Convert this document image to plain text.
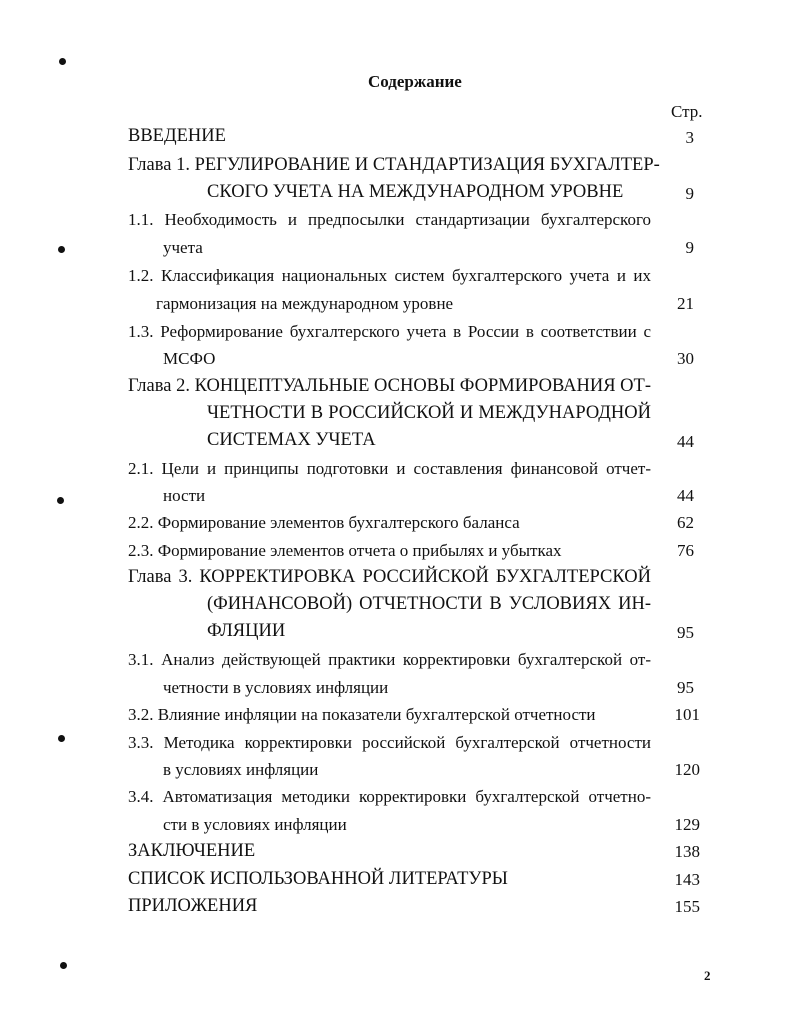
Содержание
Стр.
ВВЕДЕНИЕ	3
Глава 1. РЕГУЛИРОВАНИЕ И СТАНДАРТИЗАЦИЯ БУХГАЛТЕР-
СКОГО УЧЕТА НА МЕЖДУНАРОДНОМ УРОВНЕ	9
1.1. Необходимость и предпосылки стандартизации бухгалтерского
учета	9
1.2. Классификация национальных систем бухгалтерского учета и их
гармонизация на международном уровне	21
1.3. Реформирование бухгалтерского учета в России в соответствии с
МСФО	30
Глава 2. КОНЦЕПТУАЛЬНЫЕ ОСНОВЫ ФОРМИРОВАНИЯ ОТ-
ЧЕТНОСТИ В РОССИЙСКОЙ И МЕЖДУНАРОДНОЙ
СИСТЕМАХ УЧЕТА	44
2.1. Цели и принципы подготовки и составления финансовой отчет-
ности	44
2.2. Формирование элементов бухгалтерского баланса	62
2.3. Формирование элементов отчета о прибылях и убытках	76
Глава 3. КОРРЕКТИРОВКА РОССИЙСКОЙ БУХГАЛТЕРСКОЙ
(ФИНАНСОВОЙ) ОТЧЕТНОСТИ В УСЛОВИЯХ ИН-
ФЛЯЦИИ	95
3.1. Анализ действующей практики корректировки бухгалтерской от-
четности в условиях инфляции	95
3.2. Влияние инфляции на показатели бухгалтерской отчетности	101
3.3. Методика корректировки российской бухгалтерской отчетности
в условиях инфляции	120
3.4. Автоматизация методики корректировки бухгалтерской отчетно-
сти в условиях инфляции	129
ЗАКЛЮЧЕНИЕ	138
СПИСОК ИСПОЛЬЗОВАННОЙ ЛИТЕРАТУРЫ	143
ПРИЛОЖЕНИЯ	155
2
